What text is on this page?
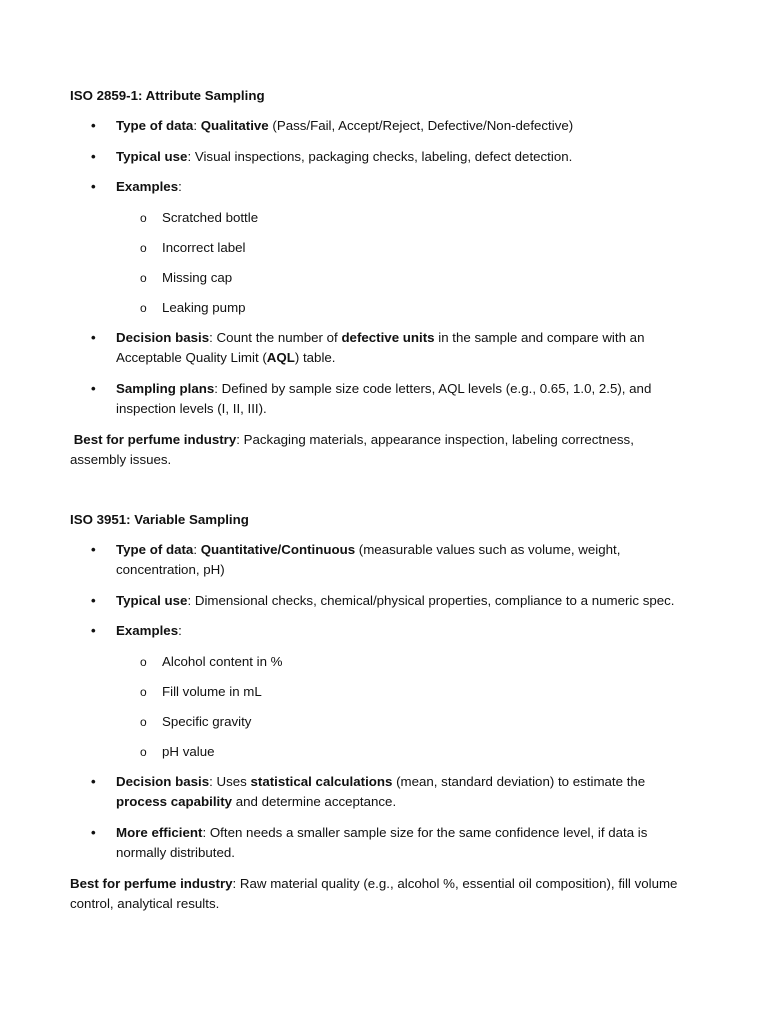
ISO 2859-1: Attribute Sampling

• Type of data: Qualitative (Pass/Fail, Accept/Reject, Defective/Non-defective)
• Typical use: Visual inspections, packaging checks, labeling, defect detection.
• Examples:
o Scratched bottle
o Incorrect label
o Missing cap
o Leaking pump
• Decision basis: Count the number of defective units in the sample and compare with an Acceptable Quality Limit (AQL) table.
• Sampling plans: Defined by sample size code letters, AQL levels (e.g., 0.65, 1.0, 2.5), and inspection levels (I, II, III).

Best for perfume industry: Packaging materials, appearance inspection, labeling correctness, assembly issues.

ISO 3951: Variable Sampling

• Type of data: Quantitative/Continuous (measurable values such as volume, weight, concentration, pH)
• Typical use: Dimensional checks, chemical/physical properties, compliance to a numeric spec.
• Examples:
o Alcohol content in %
o Fill volume in mL
o Specific gravity
o pH value
• Decision basis: Uses statistical calculations (mean, standard deviation) to estimate the process capability and determine acceptance.
• More efficient: Often needs a smaller sample size for the same confidence level, if data is normally distributed.

Best for perfume industry: Raw material quality (e.g., alcohol %, essential oil composition), fill volume control, analytical results.
